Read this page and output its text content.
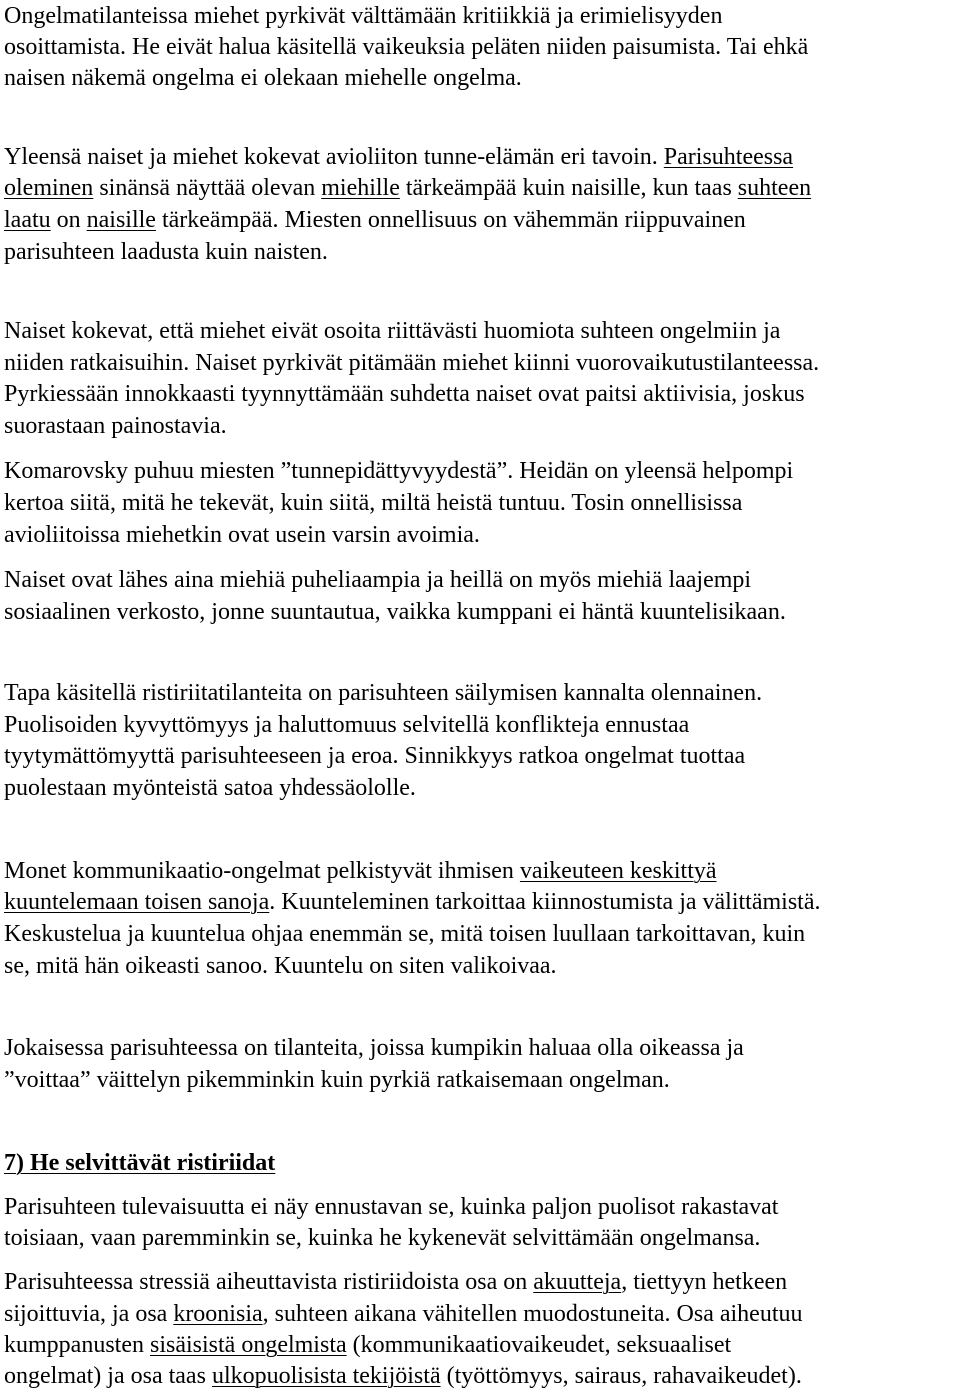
Ongelmatilanteissa miehet pyrkivät välttämään kritiikkiä ja erimielisyyden
osoittamista. He eivät halua käsitellä vaikeuksia peläten niiden paisumista. Tai ehkä
naisen näkemä ongelma ei olekaan miehelle ongelma.
Yleensä naiset ja miehet kokevat avioliiton tunne-elämän eri tavoin. Parisuhteessa
oleminen sinänsä näyttää olevan miehille tärkeämpää kuin naisille, kun taas suhteen
laatu on naisille tärkeämpää. Miesten onnellisuus on vähemmän riippuvainen
parisuhteen laadusta kuin naisten.
Naiset kokevat, että miehet eivät osoita riittävästi huomiota suhteen ongelmiin ja
niiden ratkaisuihin. Naiset pyrkivät pitämään miehet kiinni vuorovaikutustilanteessa.
Pyrkiessään innokkaasti tyynnyttämään suhdetta naiset ovat paitsi aktiivisia, joskus
suorastaan painostavia.
Komarovsky puhuu miesten ”tunnepidättyvyydestä”. Heidän on yleensä helpompi
kertoa siitä, mitä he tekevät, kuin siitä, miltä heistä tuntuu. Tosin onnellisissa
avioliitoissa miehetkin ovat usein varsin avoimia.
Naiset ovat lähes aina miehiä puheliaampia ja heillä on myös miehiä laajempi
sosiaalinen verkosto, jonne suuntautua, vaikka kumppani ei häntä kuuntelisikaan.
Tapa käsitellä ristiriitatilanteita on parisuhteen säilymisen kannalta olennainen.
Puolisoiden kyvyttömyys ja haluttomuus selvitellä konflikteja ennustaa
tyytymättömyyttä parisuhteeseen ja eroa. Sinnikkyys ratkoa ongelmat tuottaa
puolestaan myönteistä satoa yhdessäololle.
Monet kommunikaatio-ongelmat pelkistyvät ihmisen vaikeuteen keskittyä
kuuntelemaan toisen sanoja. Kuunteleminen tarkoittaa kiinnostumista ja välittämistä.
Keskustelua ja kuuntelua ohjaa enemmän se, mitä toisen luullaan tarkoittavan, kuin
se, mitä hän oikeasti sanoo. Kuuntelu on siten valikoivaa.
Jokaisessa parisuhteessa on tilanteita, joissa kumpikin haluaa olla oikeassa ja
”voittaa” väittelyn pikemminkin kuin pyrkiä ratkaisemaan ongelman.
7) He selvittävät ristiriidat
Parisuhteen tulevaisuutta ei näy ennustavan se, kuinka paljon puolisot rakastavat
toisiaan, vaan paremminkin se, kuinka he kykenevät selvittämään ongelmansa.
Parisuhteessa stressiä aiheuttavista ristiriidoista osa on akuutteja, tiettyyn hetkeen
sijoittuvia, ja osa kroonisia, suhteen aikana vähitellen muodostuneita. Osa aiheutuu
kumppanusten sisäisistä ongelmista (kommunikaatiovaikeudet, seksuaaliset
ongelmat) ja osa taas ulkopuolisista tekijöistä (työttömyys, sairaus, rahavaikeudet).
